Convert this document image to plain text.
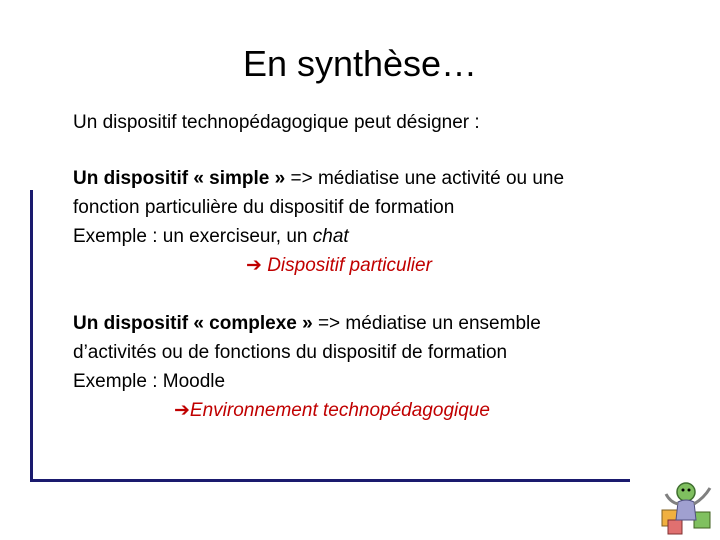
En synthèse…
Un dispositif technopédagogique peut désigner :
Un dispositif « simple » => médiatise une activité ou une
fonction particulière du dispositif de formation
Exemple : un exerciseur, un chat
➔ Dispositif particulier
Un dispositif « complexe » => médiatise un ensemble
d’activités ou de fonctions du dispositif de formation
Exemple : Moodle
➔Environnement technopédagogique
